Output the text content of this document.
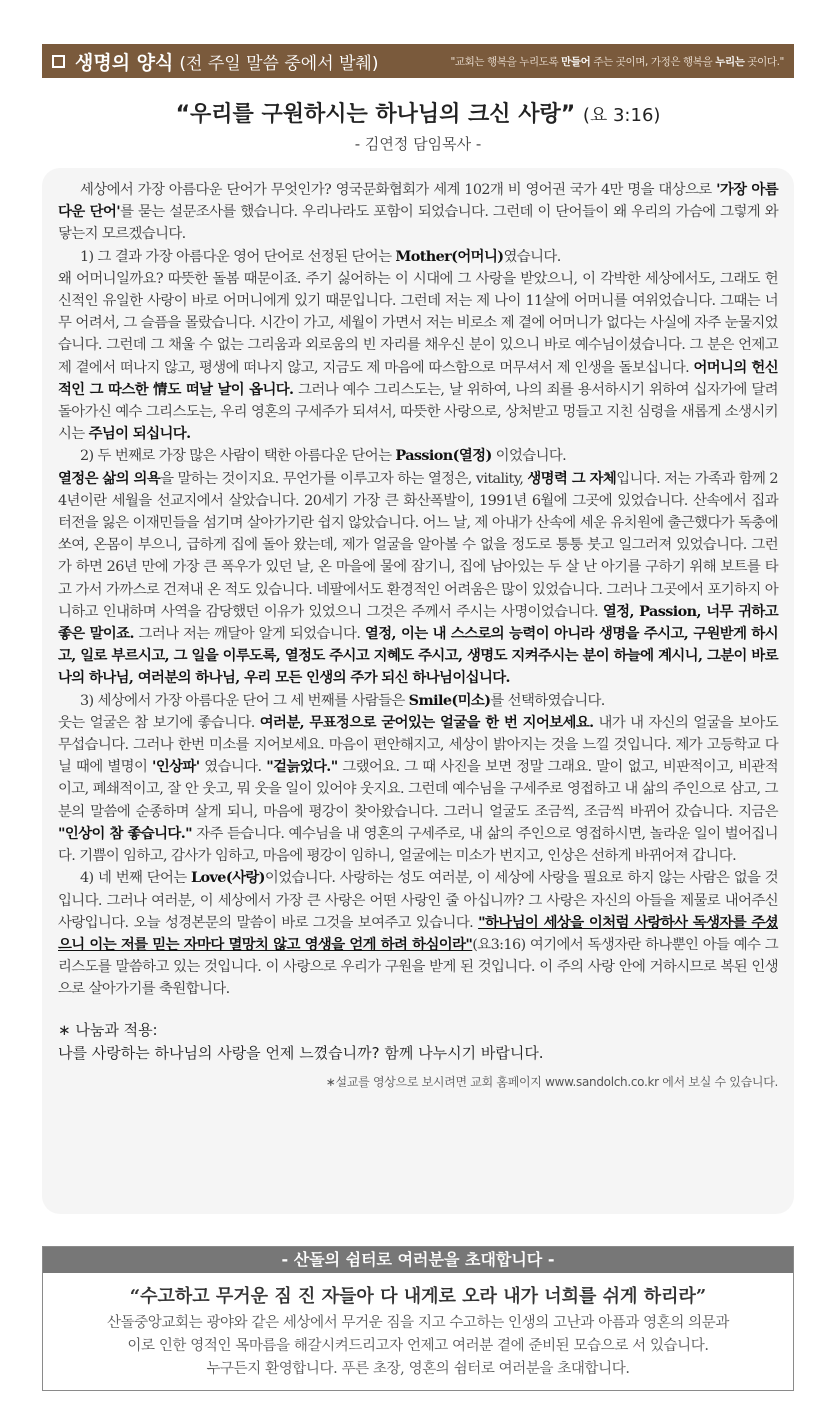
생명의 양식 (전 주일 말씀 중에서 발췌)	"교회는 행복을 누리도록 만들어 주는 곳이며, 가정은 행복을 누리는 곳이다."
“우리를 구원하시는 하나님의 크신 사랑” (요 3:16)
- 김연정 담임목사 -

세상에서 가장 아름다운 단어가 무엇인가? 영국문화협회가 세계 102개 비 영어권 국가 4만 명을 대상으로 '가장 아름다운 단어'를 묻는 설문조사를 했습니다. 우리나라도 포함이 되었습니다. 그런데 이 단어들이 왜 우리의 가슴에 그렇게 와 닿는지 모르겠습니다.

1) 그 결과 가장 아름다운 영어 단어로 선정된 단어는 Mother(어머니)였습니다.

왜 어머니일까요? 따뜻한 돌봄 때문이죠. 주기 싫어하는 이 시대에 그 사랑을 받았으니, 이 각박한 세상에서도, 그래도 헌신적인 유일한 사랑이 바로 어머니에게 있기 때문입니다. 그런데 저는 제 나이 11살에 어머니를 여위었습니다. 그때는 너무 어려서, 그 슬픔을 몰랐습니다. 시간이 가고, 세월이 가면서 저는 비로소 제 곁에 어머니가 없다는 사실에 자주 눈물지었습니다. 그런데 그 채울 수 없는 그리움과 외로움의 빈 자리를 채우신 분이 있으니 바로 예수님이셨습니다. 그 분은 언제고 제 곁에서 떠나지 않고, 평생에 떠나지 않고, 지금도 제 마음에 따스함으로 머무셔서 제 인생을 돌보십니다. 어머니의 헌신적인 그 따스한 情도 떠날 날이 옵니다. 그러나 예수 그리스도는, 날 위하여, 나의 죄를 용서하시기 위하여 십자가에 달려 돌아가신 예수 그리스도는, 우리 영혼의 구세주가 되셔서, 따뜻한 사랑으로, 상처받고 멍들고 지친 심령을 새롭게 소생시키시는 주님이 되십니다.

2) 두 번째로 가장 많은 사람이 택한 아름다운 단어는 Passion(열정) 이었습니다.

열정은 삶의 의욕을 말하는 것이지요. 무언가를 이루고자 하는 열정은, vitality, 생명력 그 자체입니다. 저는 가족과 함께 24년이란 세월을 선교지에서 살았습니다. 20세기 가장 큰 화산폭발이, 1991년 6월에 그곳에 있었습니다. 산속에서 집과 터전을 잃은 이재민들을 섬기며 살아가기란 쉽지 않았습니다. 어느 날, 제 아내가 산속에 세운 유치원에 출근했다가 독충에 쏘여, 온몸이 부으니, 급하게 집에 돌아 왔는데, 제가 얼굴을 알아볼 수 없을 정도로 퉁퉁 붓고 일그러져 있었습니다. 그런가 하면 26년 만에 가장 큰 폭우가 있던 날, 온 마을에 물에 잠기니, 집에 남아있는 두 살 난 아기를 구하기 위해 보트를 타고 가서 가까스로 건져내 온 적도 있습니다. 네팔에서도 환경적인 어려움은 많이 있었습니다. 그러나 그곳에서 포기하지 아니하고 인내하며 사역을 감당했던 이유가 있었으니 그것은 주께서 주시는 사명이었습니다. 열정, Passion, 너무 귀하고 좋은 말이죠. 그러나 저는 깨달아 알게 되었습니다. 열정, 이는 내 스스로의 능력이 아니라 생명을 주시고, 구원받게 하시고, 일로 부르시고, 그 일을 이루도록, 열정도 주시고 지혜도 주시고, 생명도 지켜주시는 분이 하늘에 계시니, 그분이 바로 나의 하나님, 여러분의 하나님, 우리 모든 인생의 주가 되신 하나님이십니다.

3) 세상에서 가장 아름다운 단어 그 세 번째를 사람들은 Smile(미소)를 선택하였습니다.

웃는 얼굴은 참 보기에 좋습니다. 여러분, 무표정으로 굳어있는 얼굴을 한 번 지어보세요. 내가 내 자신의 얼굴을 보아도 무섭습니다. 그러나 한번 미소를 지어보세요. 마음이 편안해지고, 세상이 밝아지는 것을 느낄 것입니다. 제가 고등학교 다닐 때에 별명이 '인상파' 였습니다. "겉늙었다." 그랬어요. 그 때 사진을 보면 정말 그래요. 말이 없고, 비판적이고, 비관적이고, 폐쇄적이고, 잘 안 웃고, 뭐 웃을 일이 있어야 웃지요. 그런데 예수님을 구세주로 영접하고 내 삶의 주인으로 삼고, 그 분의 말씀에 순종하며 살게 되니, 마음에 평강이 찾아왔습니다. 그러니 얼굴도 조금씩, 조금씩 바뀌어 갔습니다. 지금은 "인상이 참 좋습니다." 자주 듣습니다. 예수님을 내 영혼의 구세주로, 내 삶의 주인으로 영접하시면, 놀라운 일이 벌어집니다. 기쁨이 임하고, 감사가 임하고, 마음에 평강이 임하니, 얼굴에는 미소가 번지고, 인상은 선하게 바뀌어져 갑니다.

4) 네 번째 단어는 Love(사랑)이었습니다. 사랑하는 성도 여러분, 이 세상에 사랑을 필요로 하지 않는 사람은 없을 것입니다. 그러나 여러분, 이 세상에서 가장 큰 사랑은 어떤 사랑인 줄 아십니까? 그 사랑은 자신의 아들을 제물로 내어주신 사랑입니다. 오늘 성경본문의 말씀이 바로 그것을 보여주고 있습니다. "하나님이 세상을 이처럼 사랑하사 독생자를 주셨으니 이는 저를 믿는 자마다 멸망치 않고 영생을 얻게 하려 하심이라"(요3:16) 여기에서 독생자란 하나뿐인 아들 예수 그리스도를 말씀하고 있는 것입니다. 이 사랑으로 우리가 구원을 받게 된 것입니다. 이 주의 사랑 안에 거하시므로 복된 인생으로 살아가기를 축원합니다.

∗ 나눔과 적용:
나를 사랑하는 하나님의 사랑을 언제 느꼈습니까? 함께 나누시기 바랍니다.
∗설교를 영상으로 보시려면 교회 홈페이지 www.sandolch.co.kr 에서 보실 수 있습니다.
- 산돌의 쉼터로 여러분을 초대합니다 -
“수고하고 무거운 짐 진 자들아 다 내게로 오라 내가 너희를 쉬게 하리라”
산돌중앙교회는 광야와 같은 세상에서 무거운 짐을 지고 수고하는 인생의 고난과 아픔과 영혼의 의문과
이로 인한 영적인 목마름을 해갈시켜드리고자 언제고 여러분 곁에 준비된 모습으로 서 있습니다.
누구든지 환영합니다. 푸른 초장, 영혼의 쉼터로 여러분을 초대합니다.
